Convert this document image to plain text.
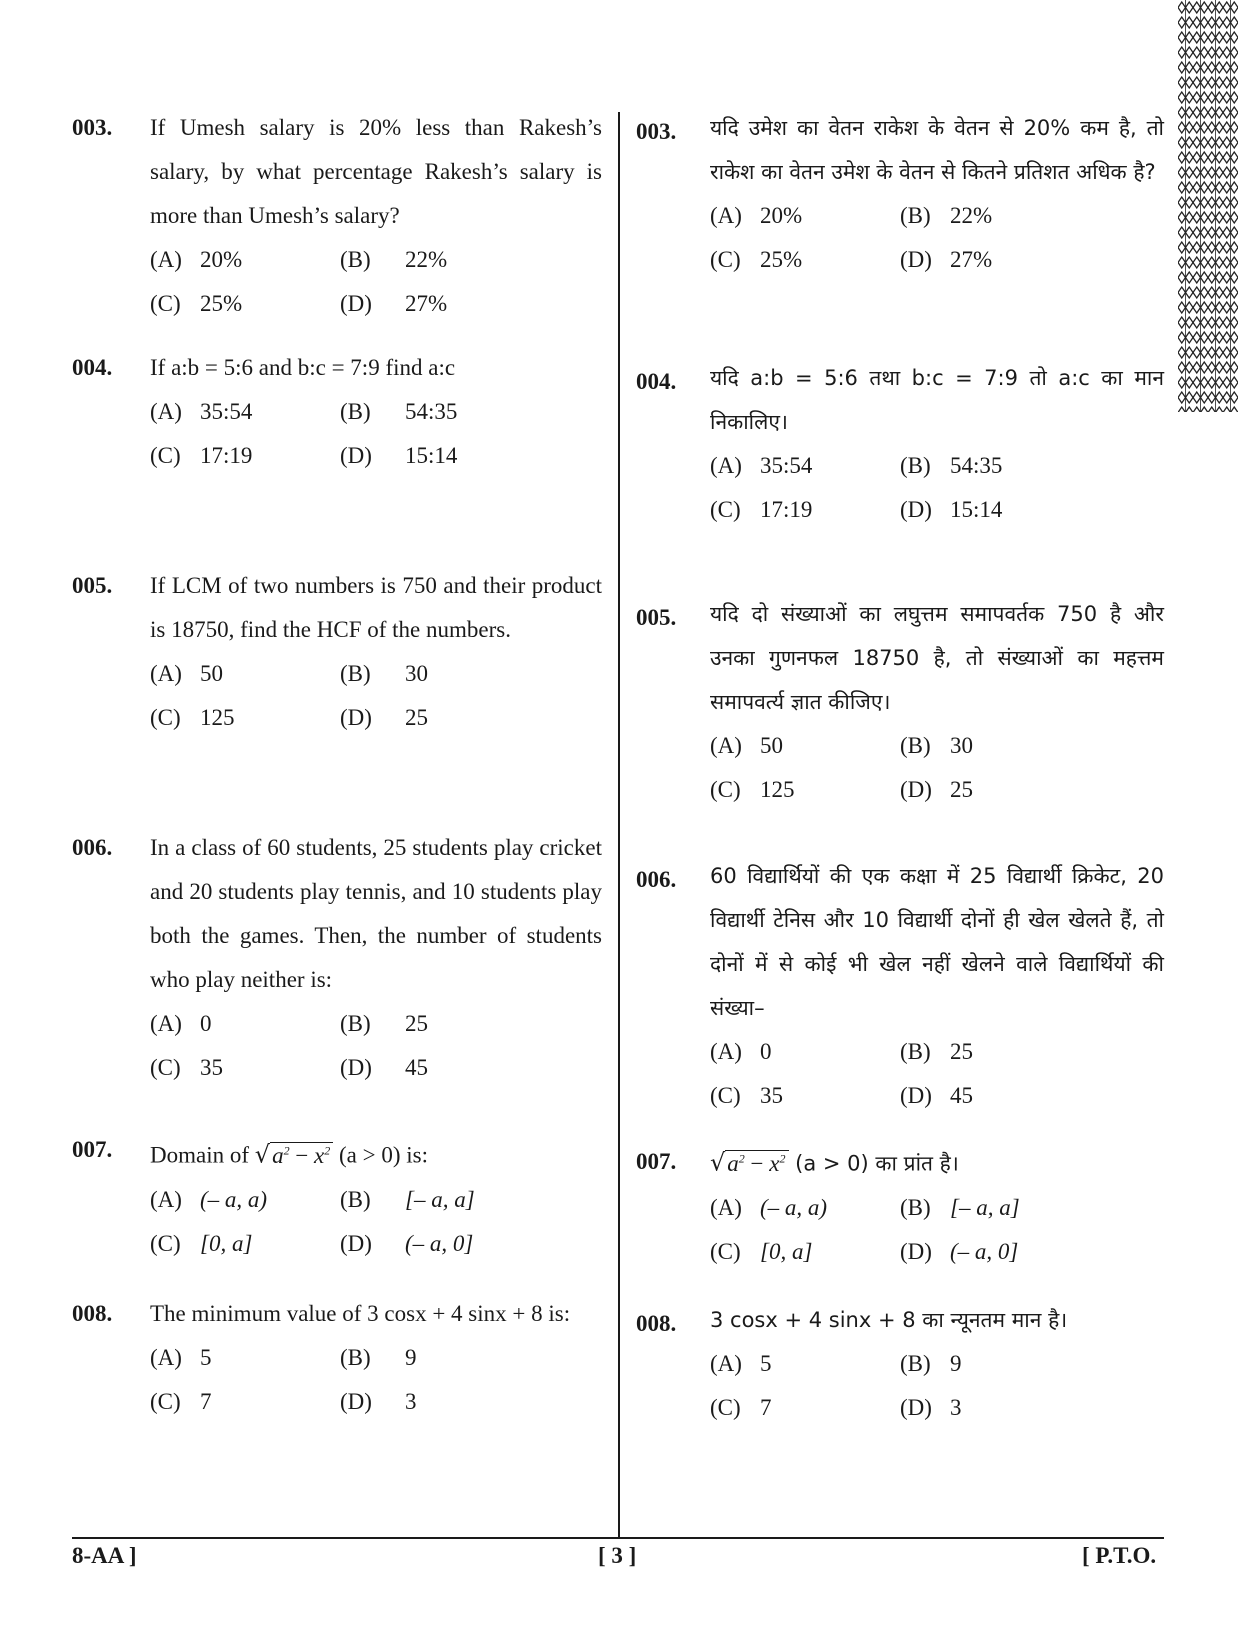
003. If Umesh salary is 20% less than Rakesh’s salary, by what percentage Rakesh’s salary is more than Umesh’s salary?
(A) 20%	(B) 22%
(C) 25%	(D) 27%
004. If a:b = 5:6 and b:c = 7:9 find a:c
(A) 35:54	(B) 54:35
(C) 17:19	(D) 15:14
005. If LCM of two numbers is 750 and their product is 18750, find the HCF of the numbers.
(A) 50	(B) 30
(C) 125	(D) 25
006. In a class of 60 students, 25 students play cricket and 20 students play tennis, and 10 students play both the games. Then, the number of students who play neither is:
(A) 0	(B) 25
(C) 35	(D) 45
007. Domain of $√a^2 - x^2$ (a > 0) is:
(A) (– a, a)	(B) [– a, a]
(C) [0, a]	(D) (– a, 0]
008. The minimum value of 3 cosx + 4 sinx + 8 is:
(A) 5	(B) 9
(C) 7	(D) 3
003. यदि उमेश का वेतन राकेश के वेतन से 20% कम है, तो राकेश का वेतन उमेश के वेतन से कितने प्रतिशत अधिक है?
(A) 20%	(B) 22%
(C) 25%	(D) 27%
004. यदि a:b = 5:6 तथा b:c = 7:9 तो a:c का मान निकालिए।
(A) 35:54	(B) 54:35
(C) 17:19	(D) 15:14
005. यदि दो संख्याओं का लघुत्तम समापवर्तक 750 है और उनका गुणनफल 18750 है, तो संख्याओं का महत्तम समापवर्त्य ज्ञात कीजिए।
(A) 50	(B) 30
(C) 125	(D) 25
006. 60 विद्यार्थियों की एक कक्षा में 25 विद्यार्थी क्रिकेट, 20 विद्यार्थी टेनिस और 10 विद्यार्थी दोनों ही खेल खेलते हैं, तो दोनों में से कोई भी खेल नहीं खेलने वाले विद्यार्थियों की संख्या–
(A) 0	(B) 25
(C) 35	(D) 45
007. $√a^2 - x^2$ (a > 0) का प्रांत है।
(A) (– a, a)	(B) [– a, a]
(C) [0, a]	(D) (– a, 0]
008. 3 cosx + 4 sinx + 8 का न्यूनतम मान है।
(A) 5	(B) 9
(C) 7	(D) 3
8-AA ]	[ 3 ]	[ P.T.O.
